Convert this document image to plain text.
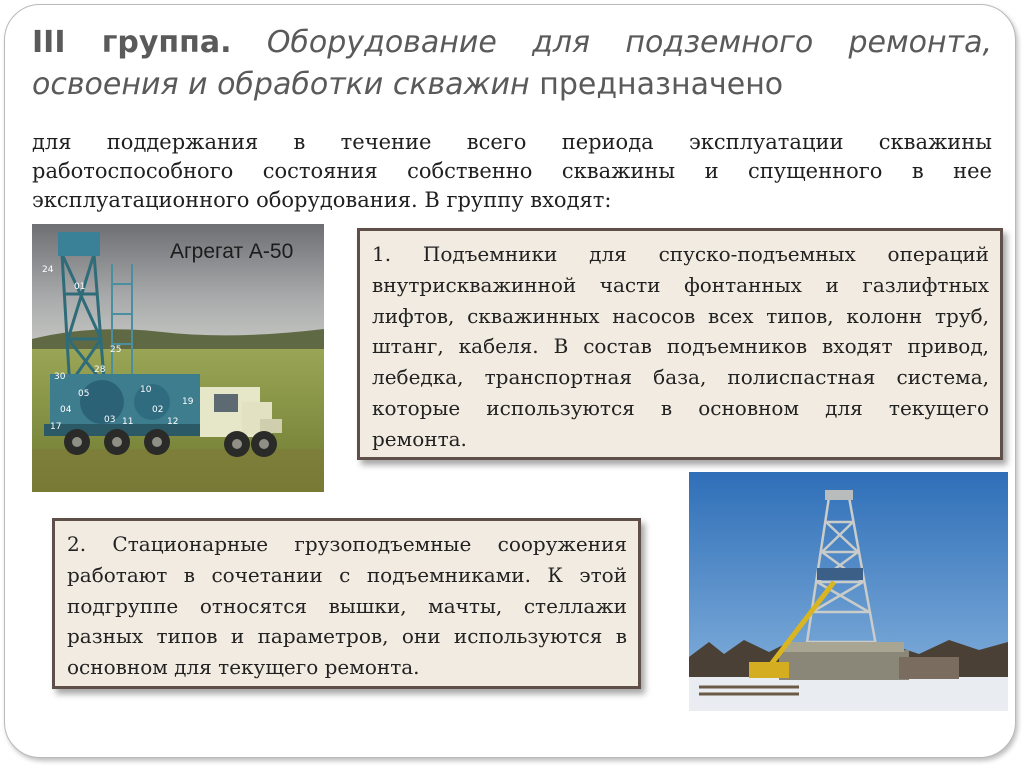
III группа. Оборудование для подземного ремонта, освоения и обработки скважин предназначено
для поддержания в течение всего периода эксплуатации скважины работоспособного состояния собственно скважины и спущенного в нее эксплуатационного оборудования. В группу входят:
24
01
25
28
30
04
05	10
02
03 11	12
17
19
Агрегат А-50	1. Подъемники для спуско-подъемных операций внутрискважинной части фонтанных и газлифтных лифтов, скважинных насосов всех типов, колонн труб, штанг, кабеля. В состав подъемников входят привод, лебедка, транспортная база, полиспастная система, которые используются в основном для текущего ремонта.
2. Стационарные грузоподъемные сооружения работают в сочетании с подъемниками. К этой подгруппе относятся вышки, мачты, стеллажи разных типов и параметров, они используются в основном для текущего ремонта.
